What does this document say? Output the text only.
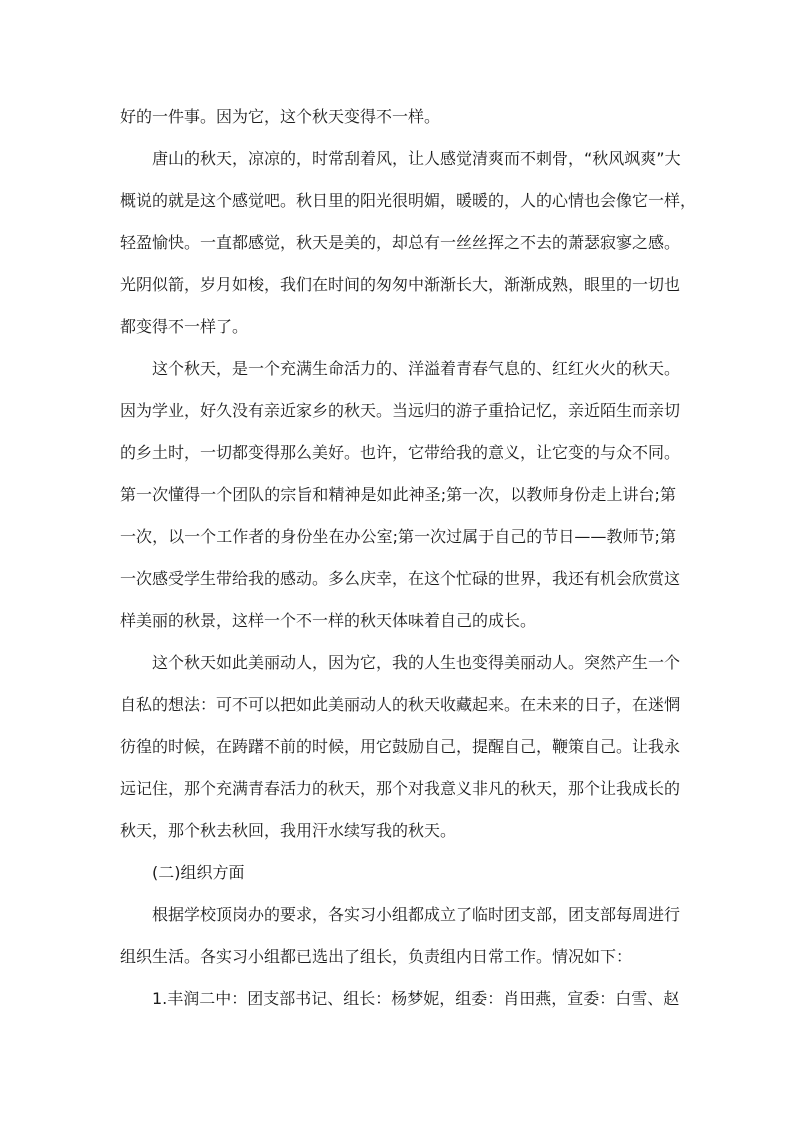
好的一件事。因为它，这个秋天变得不一样。
唐山的秋天，凉凉的，时常刮着风，让人感觉清爽而不刺骨，“秋风飒爽”大
概说的就是这个感觉吧。秋日里的阳光很明媚，暖暖的，人的心情也会像它一样，
轻盈愉快。一直都感觉，秋天是美的，却总有一丝丝挥之不去的萧瑟寂寥之感。
光阴似箭，岁月如梭，我们在时间的匆匆中渐渐长大，渐渐成熟，眼里的一切也
都变得不一样了。
这个秋天，是一个充满生命活力的、洋溢着青春气息的、红红火火的秋天。
因为学业，好久没有亲近家乡的秋天。当远归的游子重拾记忆，亲近陌生而亲切
的乡土时，一切都变得那么美好。也许，它带给我的意义，让它变的与众不同。
第一次懂得一个团队的宗旨和精神是如此神圣;第一次，以教师身份走上讲台;第
一次，以一个工作者的身份坐在办公室;第一次过属于自己的节日——教师节;第
一次感受学生带给我的感动。多么庆幸，在这个忙碌的世界，我还有机会欣赏这
样美丽的秋景，这样一个不一样的秋天体味着自己的成长。
这个秋天如此美丽动人，因为它，我的人生也变得美丽动人。突然产生一个
自私的想法：可不可以把如此美丽动人的秋天收藏起来。在未来的日子，在迷惘
彷徨的时候，在踌躇不前的时候，用它鼓励自己，提醒自己，鞭策自己。让我永
远记住，那个充满青春活力的秋天，那个对我意义非凡的秋天，那个让我成长的
秋天，那个秋去秋回，我用汗水续写我的秋天。
(二)组织方面
根据学校顶岗办的要求，各实习小组都成立了临时团支部，团支部每周进行
组织生活。各实习小组都已选出了组长，负责组内日常工作。情况如下：
1.丰润二中：团支部书记、组长：杨梦妮，组委：肖田燕，宣委：白雪、赵
